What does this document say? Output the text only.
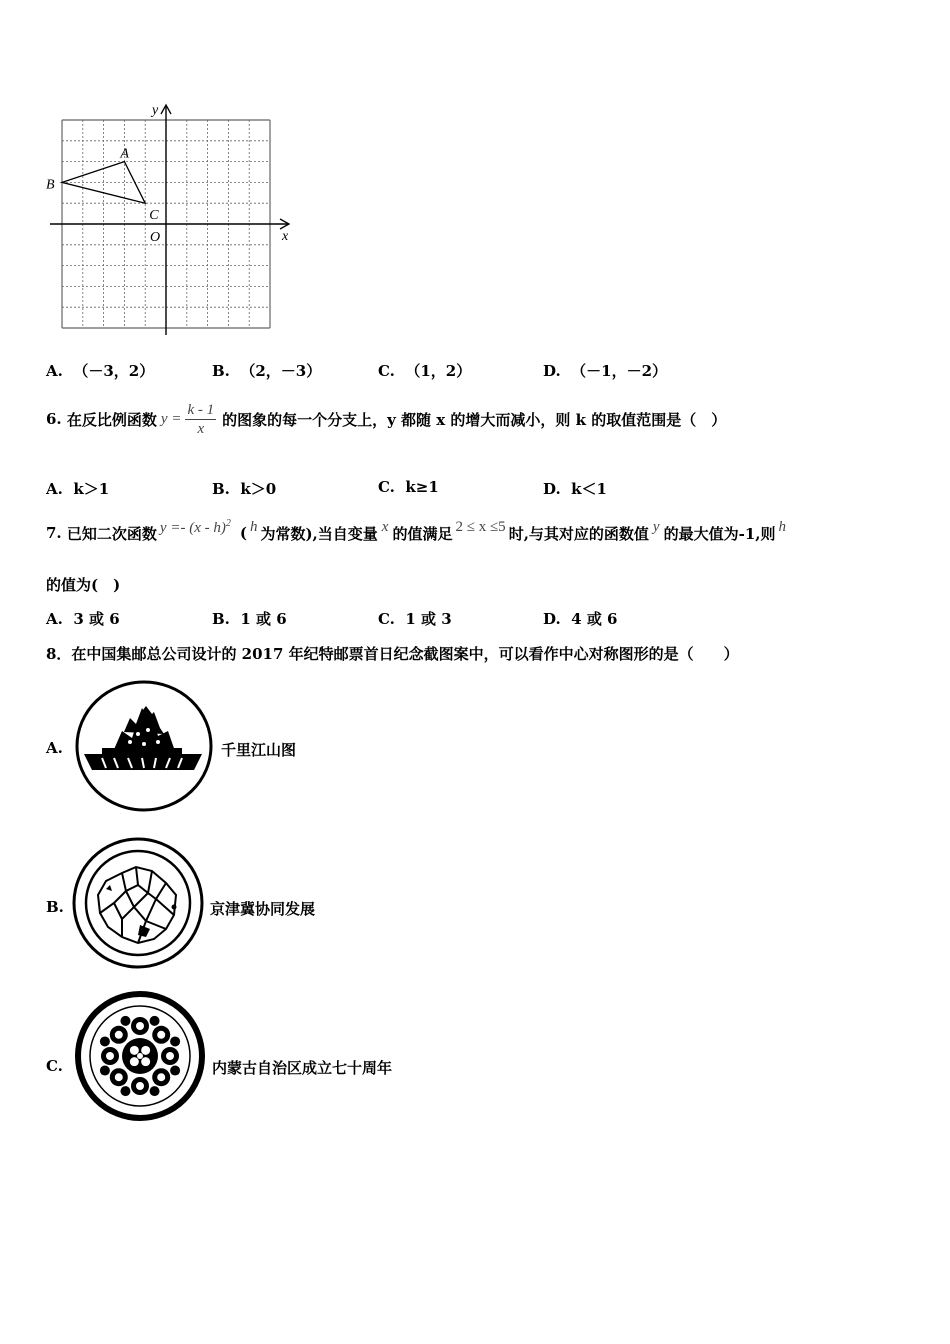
A
B
C
x
y
O
A. （－3，2）	B. （2，－3）	C. （1，2）	D. （－1，－2）
6.
在反比例函数 $y = \frac{k - 1}{x}$ 的图象的每一个分支上，y 都随 x 的增大而减小，则 k 的取值范围是（　）
A. k＞1	B. k＞0	C. k≥1	D. k＜1
7.
已知二次函数 y =- (x - h)$^2$
( h 为常数),当自变量 x 的值满足 2 ≤ x ≤5 时,与其对应的函数值 y 的最大值为-1,则 h
的值为(　)
A. 3 或 6	B. 1 或 6	C. 1 或 3	D. 4 或 6
8．在中国集邮总公司设计的 2017 年纪特邮票首日纪念截图案中，可以看作中心对称图形的是（　　）
A.	千里江山图
B.	京津冀协同发展
C.	内蒙古自治区成立七十周年
